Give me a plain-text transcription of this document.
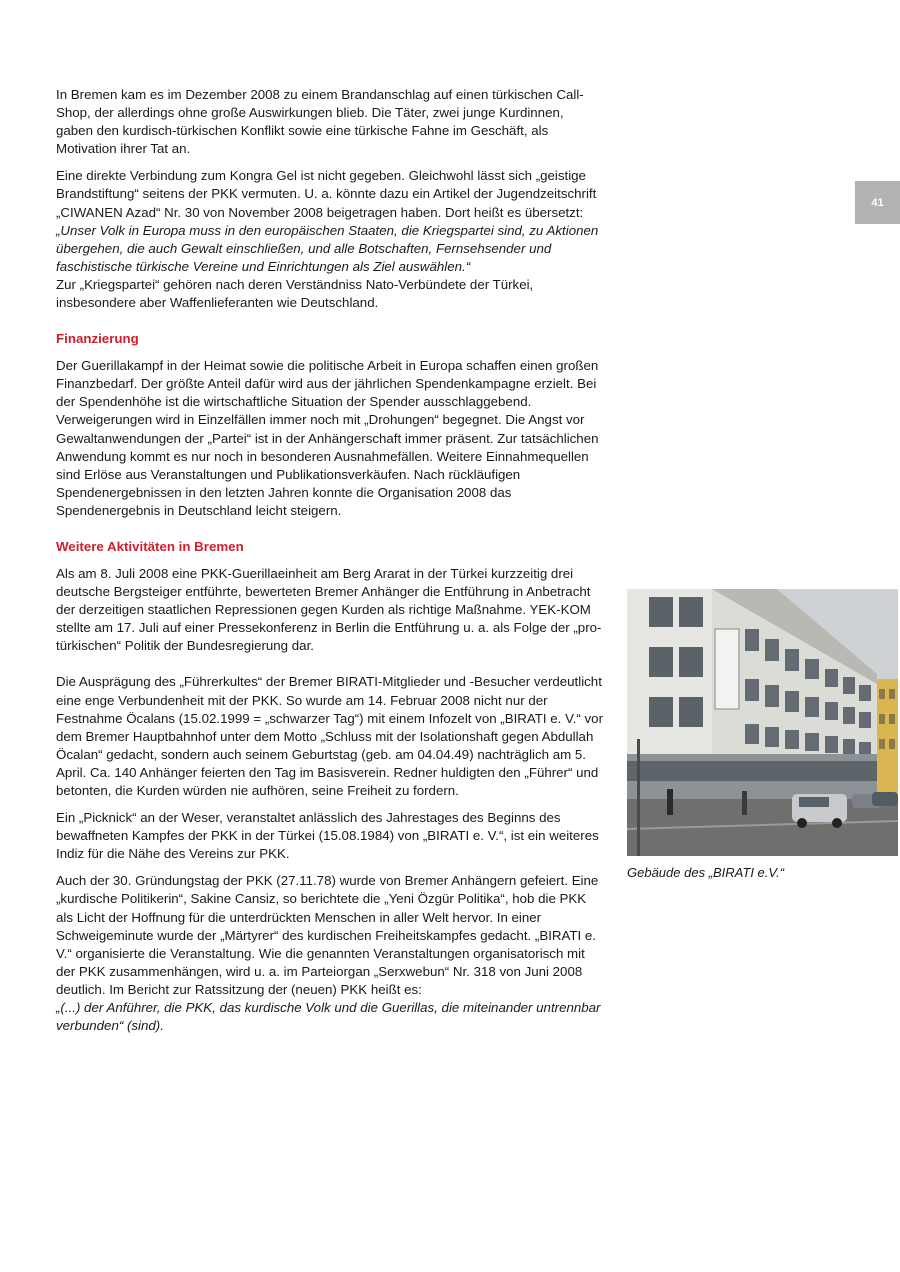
41

In Bremen kam es im Dezember 2008 zu einem Brandanschlag auf einen türkischen Call-Shop, der allerdings ohne große Auswirkungen blieb. Die Täter, zwei junge Kurdinnen, gaben den kurdisch-türkischen Konflikt sowie eine türkische Fahne im Geschäft, als Motivation ihrer Tat an.

Eine direkte Verbindung zum Kongra Gel ist nicht gegeben. Gleichwohl lässt sich „geistige Brandstiftung“ seitens der PKK vermuten. U. a. könnte dazu ein Artikel der Jugendzeitschrift „CIWANEN Azad“ Nr. 30 von November 2008 beigetragen haben. Dort heißt es übersetzt:
„Unser Volk in Europa muss in den europäischen Staaten, die Kriegspartei sind, zu Aktionen übergehen, die auch Gewalt einschließen, und alle Botschaften, Fernsehsender und faschistische türkische Vereine und Einrichtungen als Ziel auswählen.“
Zur „Kriegspartei“ gehören nach deren Verständniss Nato-Verbündete der Türkei, insbesondere aber Waffenlieferanten wie Deutschland.

Finanzierung

Der Guerillakampf in der Heimat sowie die politische Arbeit in Europa schaffen einen großen Finanzbedarf. Der größte Anteil dafür wird aus der jährlichen Spendenkampagne erzielt. Bei der Spendenhöhe ist die wirtschaftliche Situation der Spender ausschlaggebend. Verweigerungen wird in Einzelfällen immer noch mit „Drohungen“ begegnet. Die Angst vor Gewaltanwendungen der „Partei“ ist in der Anhängerschaft immer präsent. Zur tatsächlichen Anwendung kommt es nur noch in besonderen Ausnahmefällen. Weitere Einnahmequellen sind Erlöse aus Veranstaltungen und Publikationsverkäufen. Nach rückläufigen Spendenergebnissen in den letzten Jahren konnte die Organisation 2008 das Spendenergebnis in Deutschland leicht steigern.

Weitere Aktivitäten in Bremen

Als am 8. Juli 2008 eine PKK-Guerillaeinheit am Berg Ararat in der Türkei kurzzeitig drei deutsche Bergsteiger entführte, bewerteten Bremer Anhänger die Entführung in Anbetracht der derzeitigen staatlichen Repressionen gegen Kurden als richtige Maßnahme. YEK-KOM stellte am 17. Juli auf einer Pressekonferenz in Berlin die Entführung u. a. als Folge der „pro-türkischen“ Politik der Bundesregierung dar.

Die Ausprägung des „Führerkultes“ der Bremer BIRATI-Mitglieder und -Besucher verdeutlicht eine enge Verbundenheit mit der PKK. So wurde am 14. Februar 2008 nicht nur der Festnahme Öcalans (15.02.1999 = „schwarzer Tag“) mit einem Infozelt von „BIRATI e. V.“ vor dem Bremer Hauptbahnhof unter dem Motto „Schluss mit der Isolationshaft gegen Abdullah Öcalan“ gedacht, sondern auch seinem Geburtstag (geb. am 04.04.49) nachträglich am 5. April. Ca. 140 Anhänger feierten den Tag im Basisverein. Redner huldigten den „Führer“ und betonten, die Kurden würden nie aufhören, seine Freiheit zu fordern.

Ein „Picknick“ an der Weser, veranstaltet anlässlich des Jahrestages des Beginns des bewaffneten Kampfes der PKK in der Türkei (15.08.1984) von „BIRATI e. V.“, ist ein weiteres Indiz für die Nähe des Vereins zur PKK.

Auch der 30. Gründungstag der PKK (27.11.78) wurde von Bremer Anhängern gefeiert. Eine „kurdische Politikerin“, Sakine Cansiz, so berichtete die „Yeni Özgür Politika“, hob die PKK als Licht der Hoffnung für die unterdrückten Menschen in aller Welt hervor. In einer Schweigeminute wurde der „Märtyrer“ des kurdischen Freiheitskampfes gedacht. „BIRATI e. V.“ organisierte die Veranstaltung. Wie die genannten Veranstaltungen organisatorisch mit der PKK zusammenhängen, wird u. a. im Parteiorgan „Serxwebun“ Nr. 318 von Juni 2008 deutlich. Im Bericht zur Ratssitzung der (neuen) PKK heißt es:
„(...) der Anführer, die PKK, das kurdische Volk und die Guerillas, die miteinander untrennbar verbunden“ (sind).

Gebäude des „BIRATI e.V.“
